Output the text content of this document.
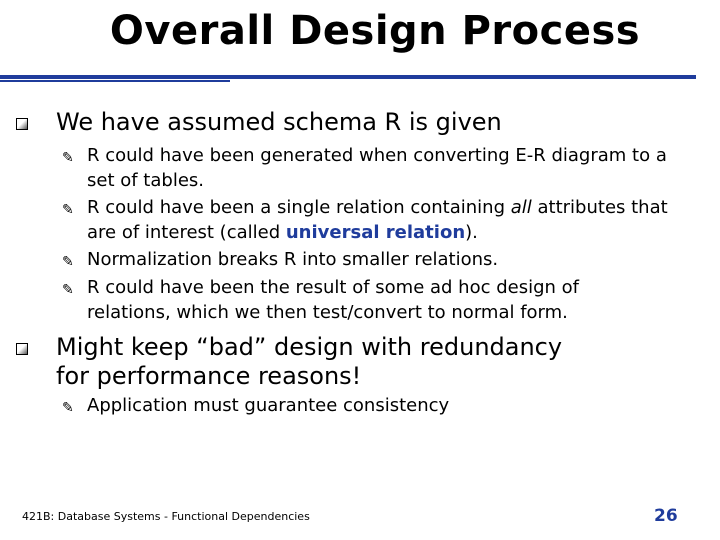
Overall Design Process
We have assumed schema R is given
✎ R could have been generated when converting E-R diagram to a set of tables.
✎ R could have been a single relation containing all attributes that are of interest (called universal relation).
✎ Normalization breaks R into smaller relations.
✎ R could have been the result of some ad hoc design of relations, which we then test/convert to normal form.
Might keep “bad” design with redundancy for performance reasons!
✎ Application must guarantee consistency
421B: Database Systems - Functional Dependencies	26
